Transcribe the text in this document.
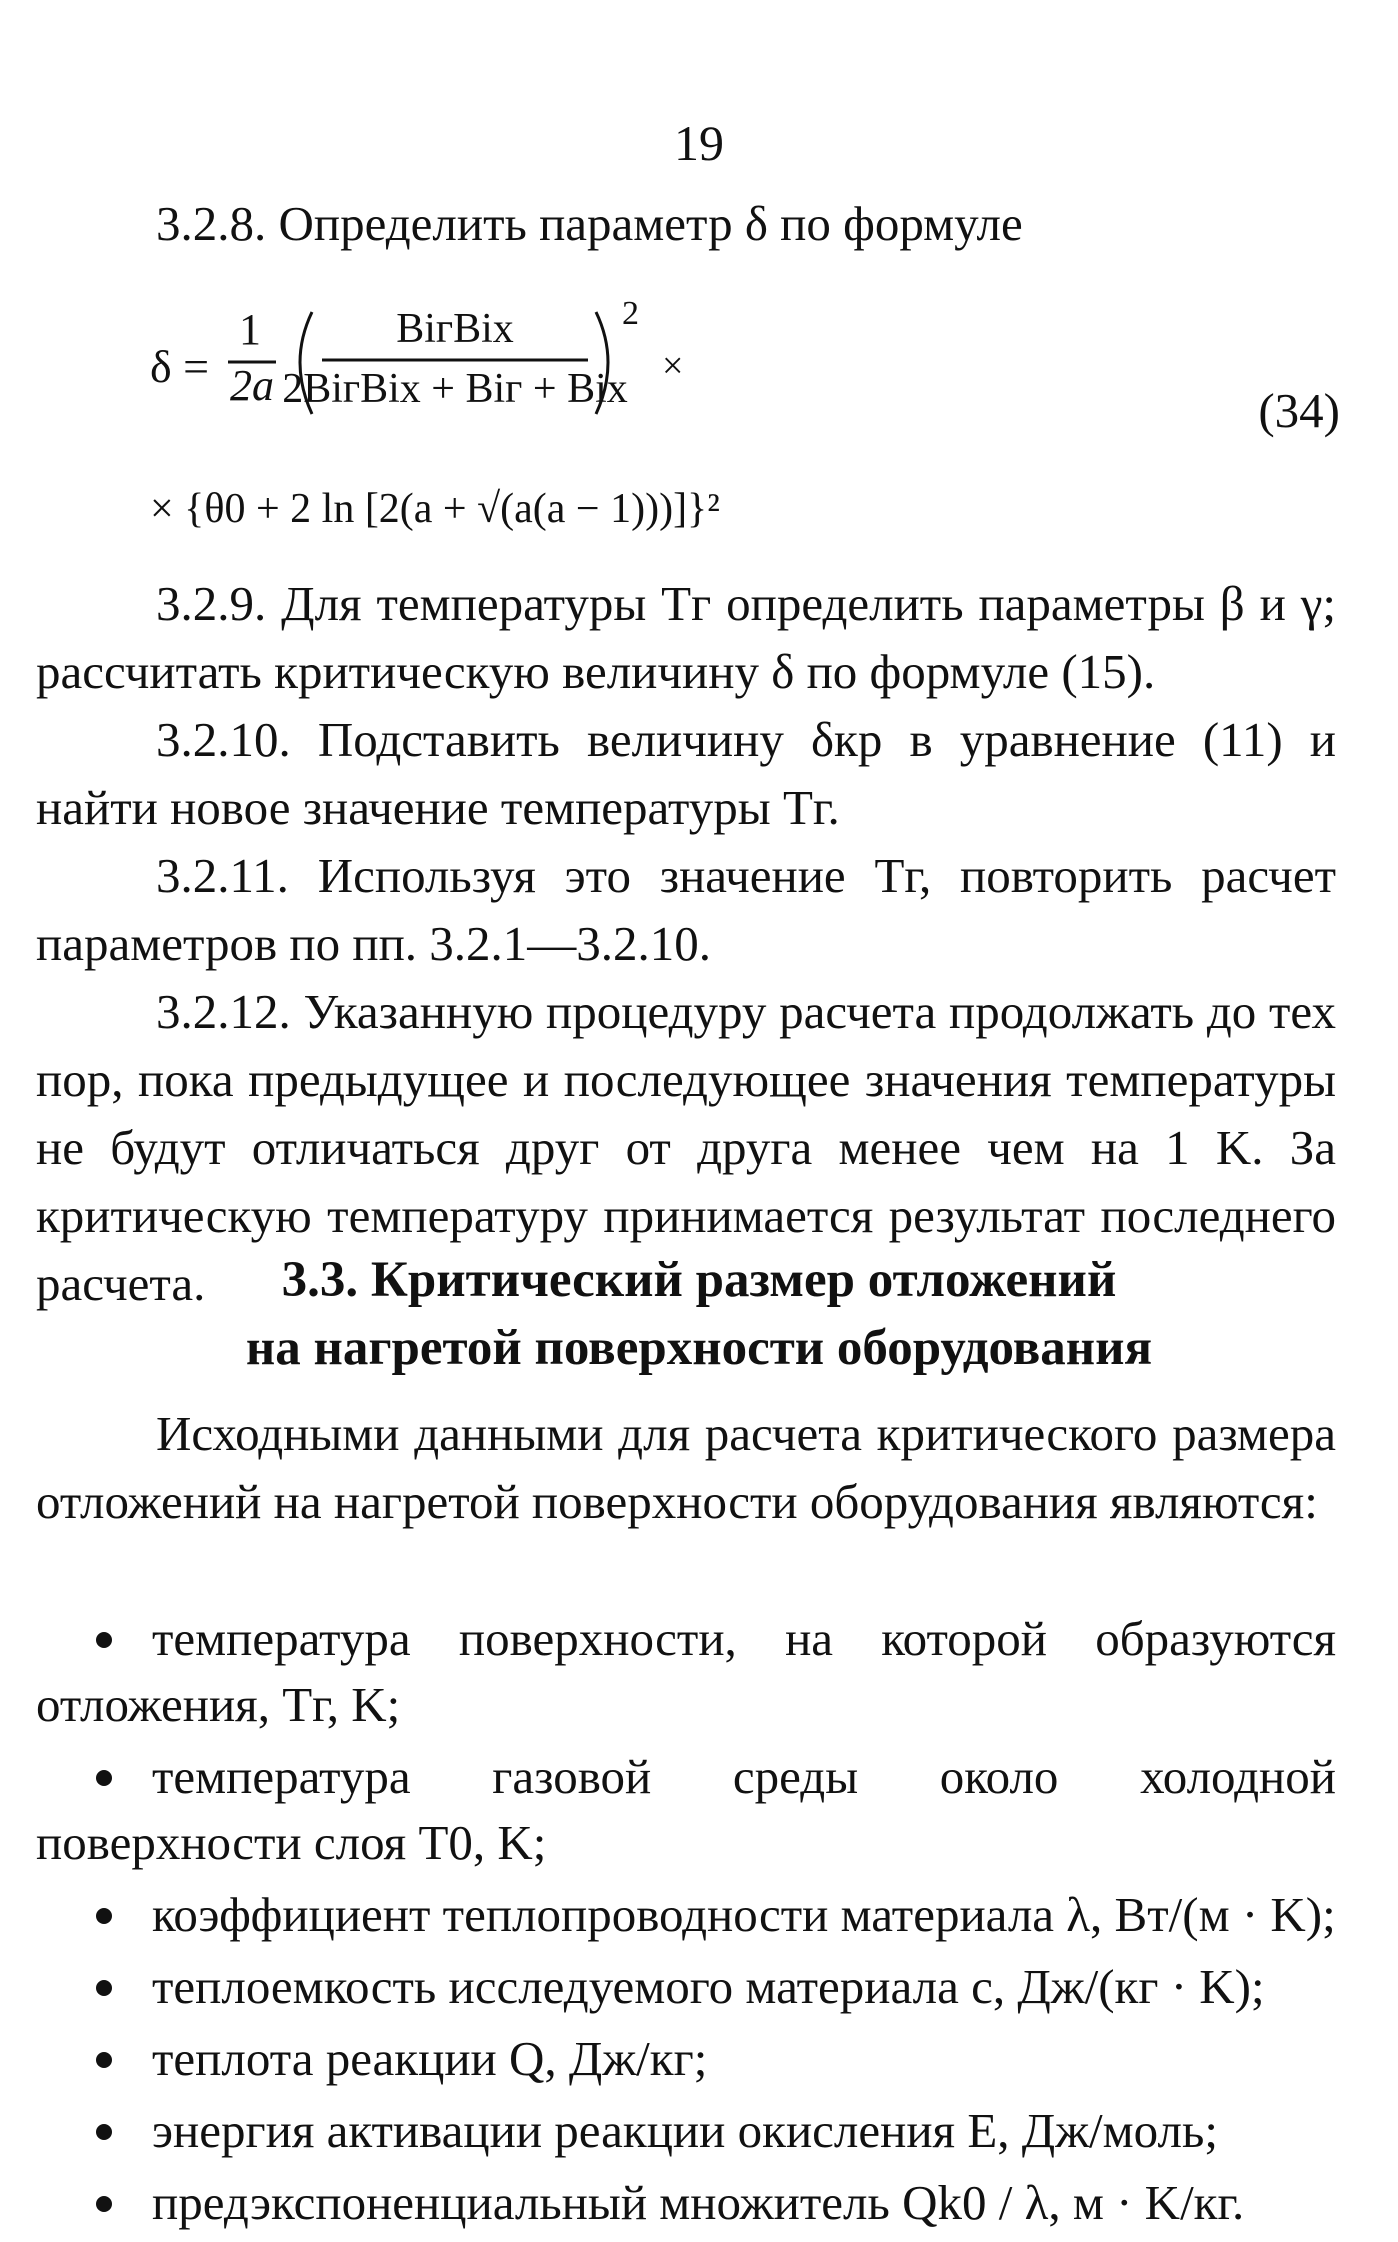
19

3.2.8. Определить параметр δ по формуле

δ =
1
2a
BiгBiх
2BiгBiх + Biг + Biх
2
×
× {θ0 + 2 ln [2(a + √(a(a − 1)))]}²
(34)

3.2.9. Для температуры Tг определить параметры β и γ; рассчитать критическую величину δ по формуле (15).

3.2.10. Подставить величину δкр в уравнение (11) и найти новое значение температуры Tг.

3.2.11. Используя это значение Tг, повторить расчет параметров по пп. 3.2.1—3.2.10.

3.2.12. Указанную процедуру расчета продолжать до тех пор, пока предыдущее и последующее значения температуры не будут отличаться друг от друга менее чем на 1 K. За критическую температуру принимается результат последнего расчета.	3.3. Критический размер отложений
на нагретой поверхности оборудования

Исходными данными для расчета критического размера отложений на нагретой поверхности оборудования являются:

температура поверхности, на которой образуются отложения, Tг, K;

температура газовой среды около холодной поверхности слоя T0, K;

коэффициент теплопроводности материала λ, Вт/(м · K);

теплоемкость исследуемого материала c, Дж/(кг · K);

теплота реакции Q, Дж/кг;

энергия активации реакции окисления E, Дж/моль;

предэкспоненциальный множитель Qk0 / λ, м · K/кг.
